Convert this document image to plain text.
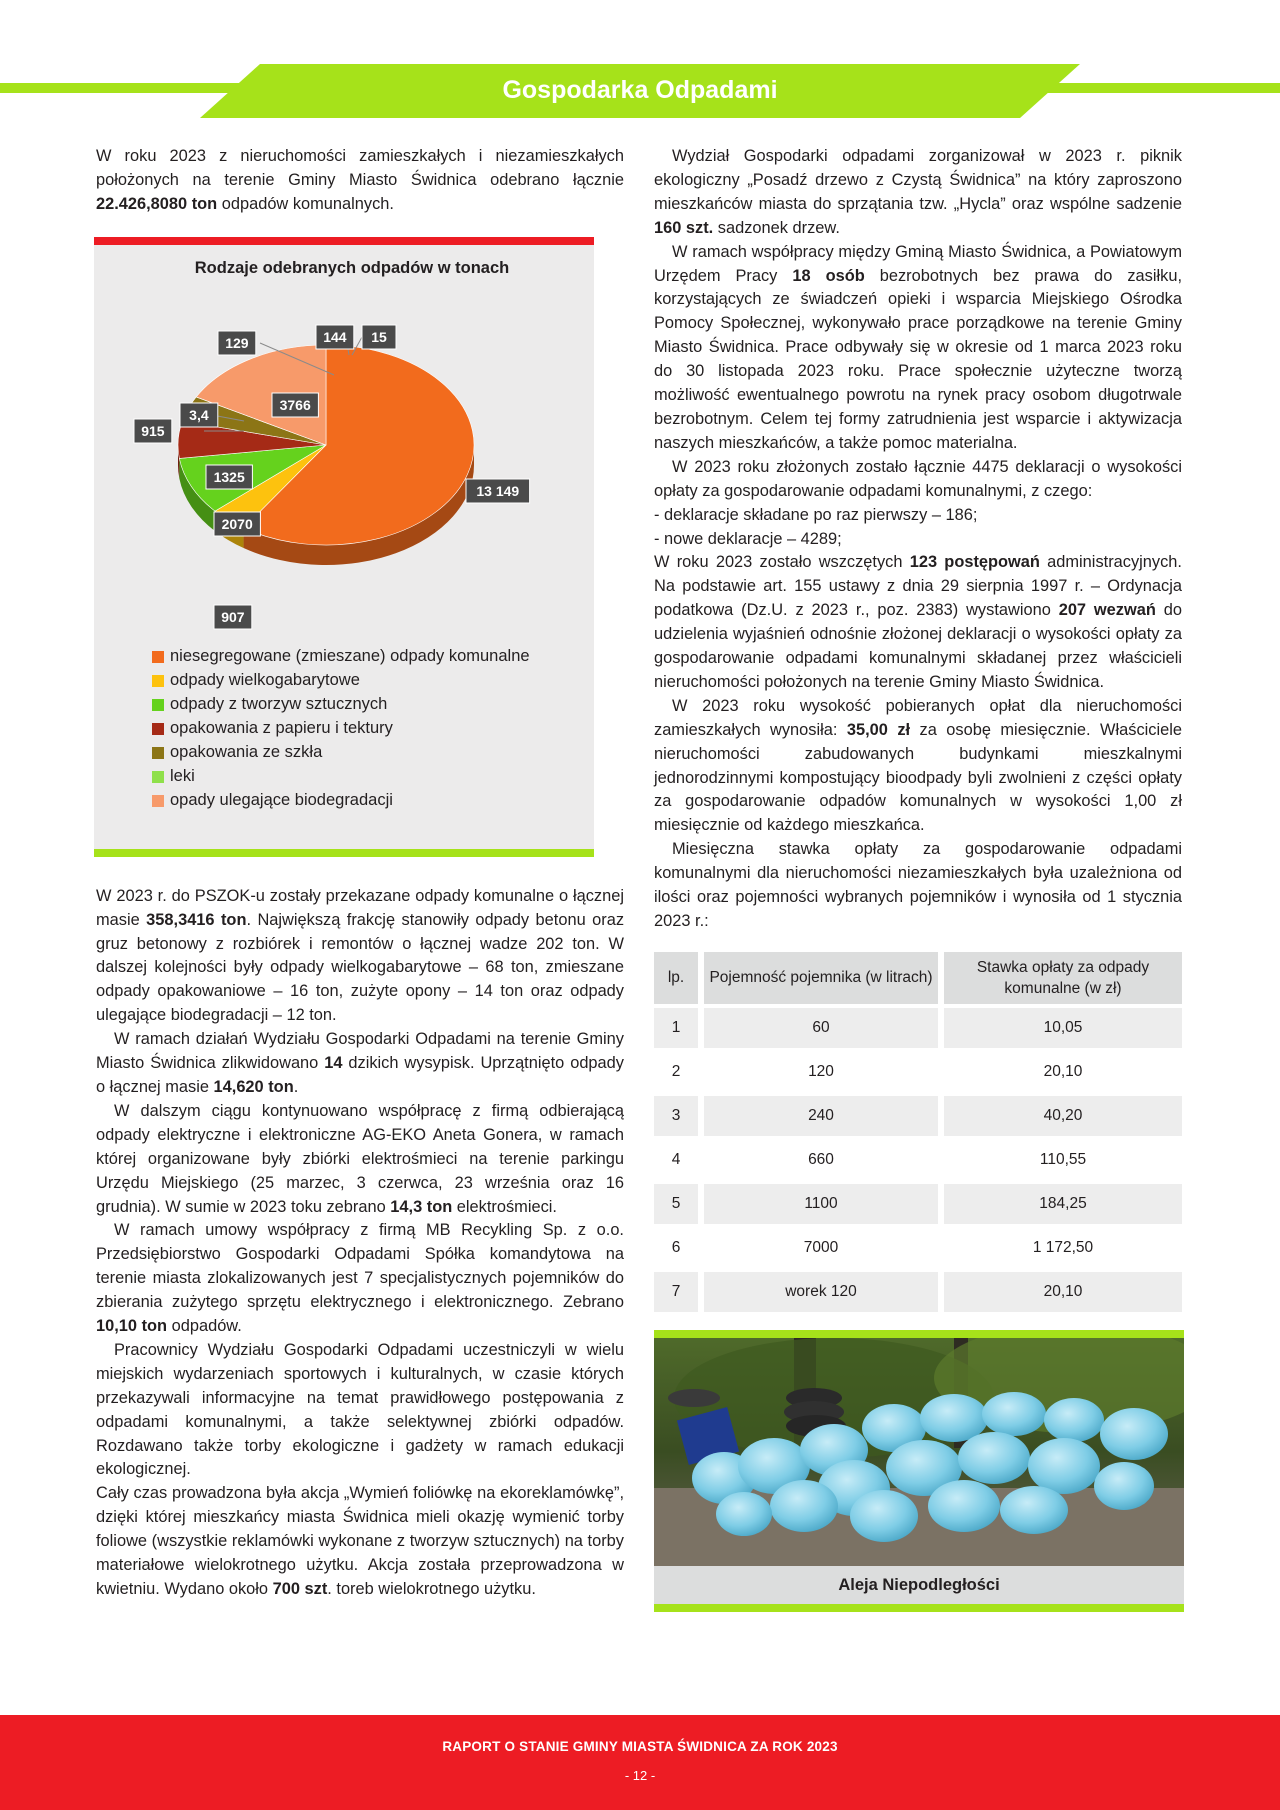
Gospodarka Odpadami

W roku 2023 z nieruchomości zamieszkałych i niezamieszkałych położonych na terenie Gminy Miasto Świdnica odebrano łącznie 22.426,8080 ton odpadów komunalnych.

Rodzaje odebranych odpadów w tonach
13 149
907
2070
1325
915
3,4
3766
129	144 15
niesegregowane (zmieszane) odpady komunalne
odpady wielkogabarytowe
odpady z tworzyw sztucznych
opakowania z papieru i tektury
opakowania ze szkła
leki
opady ulegające biodegradacji

W 2023 r. do PSZOK-u zostały przekazane odpady komunalne o łącznej masie 358,3416 ton. Największą frakcję stanowiły odpady betonu oraz gruz betonowy z rozbiórek i remontów o łącznej wadze 202 ton. W dalszej kolejności były odpady wielkogabarytowe – 68 ton, zmieszane odpady opakowaniowe – 16 ton, zużyte opony – 14 ton oraz odpady ulegające biodegradacji – 12 ton.

W ramach działań Wydziału Gospodarki Odpadami na terenie Gminy Miasto Świdnica zlikwidowano 14 dzikich wysypisk. Uprzątnięto odpady o łącznej masie 14,620 ton.

W dalszym ciągu kontynuowano współpracę z firmą odbierającą odpady elektryczne i elektroniczne AG-EKO Aneta Gonera, w ramach której organizowane były zbiórki elektrośmieci na terenie parkingu Urzędu Miejskiego (25 marzec, 3 czerwca, 23 września oraz 16 grudnia). W sumie w 2023 toku zebrano 14,3 ton elektrośmieci.

W ramach umowy współpracy z firmą MB Recykling Sp. z o.o. Przedsiębiorstwo Gospodarki Odpadami Spółka komandytowa na terenie miasta zlokalizowanych jest 7 specjalistycznych pojemników do zbierania zużytego sprzętu elektrycznego i elektronicznego. Zebrano 10,10 ton odpadów.

Pracownicy Wydziału Gospodarki Odpadami uczestniczyli w wielu miejskich wydarzeniach sportowych i kulturalnych, w czasie których przekazywali informacyjne na temat prawidłowego postępowania z odpadami komunalnymi, a także selektywnej zbiórki odpadów. Rozdawano także torby ekologiczne i gadżety w ramach edukacji ekologicznej.

Cały czas prowadzona była akcja „Wymień foliówkę na ekoreklamówkę”, dzięki której mieszkańcy miasta Świdnica mieli okazję wymienić torby foliowe (wszystkie reklamówki wykonane z tworzyw sztucznych) na torby materiałowe wielokrotnego użytku. Akcja została przeprowadzona w kwietniu. Wydano około 700 szt. toreb wielokrotnego użytku.

Wydział Gospodarki odpadami zorganizował w 2023 r. piknik ekologiczny „Posadź drzewo z Czystą Świdnica” na który zaproszono mieszkańców miasta do sprzątania tzw. „Hycla” oraz wspólne sadzenie 160 szt. sadzonek drzew.

W ramach współpracy między Gminą Miasto Świdnica, a Powiatowym Urzędem Pracy 18 osób bezrobotnych bez prawa do zasiłku, korzystających ze świadczeń opieki i wsparcia Miejskiego Ośrodka Pomocy Społecznej, wykonywało prace porządkowe na terenie Gminy Miasto Świdnica. Prace odbywały się w okresie od 1 marca 2023 roku do 30 listopada 2023 roku. Prace społecznie użyteczne tworzą możliwość ewentualnego powrotu na rynek pracy osobom długotrwale bezrobotnym. Celem tej formy zatrudnienia jest wsparcie i aktywizacja naszych mieszkańców, a także pomoc materialna.

W 2023 roku złożonych zostało łącznie 4475 deklaracji o wysokości opłaty za gospodarowanie odpadami komunalnymi, z czego:

- deklaracje składane po raz pierwszy – 186;

- nowe deklaracje – 4289;

W roku 2023 zostało wszczętych 123 postępowań administracyjnych. Na podstawie art. 155 ustawy z dnia 29 sierpnia 1997 r. – Ordynacja podatkowa (Dz.U. z 2023 r., poz. 2383) wystawiono 207 wezwań do udzielenia wyjaśnień odnośnie złożonej deklaracji o wysokości opłaty za gospodarowanie odpadami komunalnymi składanej przez właścicieli nieruchomości położonych na terenie Gminy Miasto Świdnica.

W 2023 roku wysokość pobieranych opłat dla nieruchomości zamieszkałych wynosiła: 35,00 zł za osobę miesięcznie. Właściciele nieruchomości zabudowanych budynkami mieszkalnymi jednorodzinnymi kompostujący bioodpady byli zwolnieni z części opłaty za gospodarowanie odpadów komunalnych w wysokości 1,00 zł miesięcznie od każdego mieszkańca.

Miesięczna stawka opłaty za gospodarowanie odpadami komunalnymi dla nieruchomości niezamieszkałych była uzależniona od ilości oraz pojemności wybranych pojemników i wynosiła od 1 stycznia 2023 r.:

lp.	Pojemność pojemnika (w litrach)	Stawka opłaty za odpady komunalne (w zł)
1	60	10,05
2	120	20,10
3	240	40,20
4	660	110,55
5	1100	184,25
6	7000	1 172,50
7	worek 120	20,10
Aleja Niepodległości
RAPORT O STANIE GMINY MIASTA ŚWIDNICA ZA ROK 2023
- 12 -
